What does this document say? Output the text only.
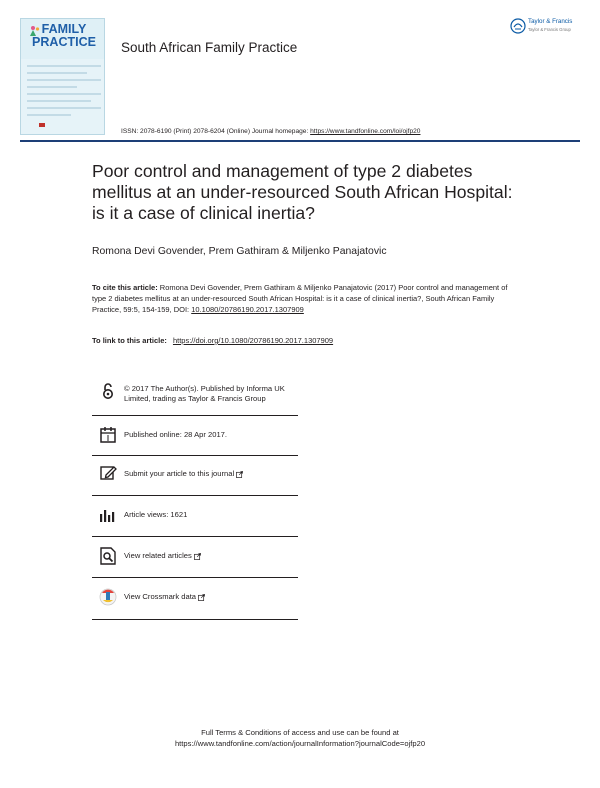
FAMILY
PRACTICE	South African Family Practice
Taylor & Francis
Taylor & Francis Group
ISSN: 2078-6190 (Print) 2078-6204 (Online) Journal homepage: https://www.tandfonline.com/loi/ojfp20
Poor control and management of type 2 diabetes mellitus at an under-resourced South African Hospital: is it a case of clinical inertia?
Romona Devi Govender, Prem Gathiram & Miljenko Panajatovic
To cite this article: Romona Devi Govender, Prem Gathiram & Miljenko Panajatovic (2017) Poor control and management of type 2 diabetes mellitus at an under-resourced South African Hospital: is it a case of clinical inertia?, South African Family Practice, 59:5, 154-159, DOI: 10.1080/20786190.2017.1307909
To link to this article: https://doi.org/10.1080/20786190.2017.1307909
© 2017 The Author(s). Published by Informa UK Limited, trading as Taylor & Francis Group
Published online: 28 Apr 2017.
Submit your article to this journal
Article views: 1621
View related articles
View Crossmark data
Full Terms & Conditions of access and use can be found at
https://www.tandfonline.com/action/journalInformation?journalCode=ojfp20
